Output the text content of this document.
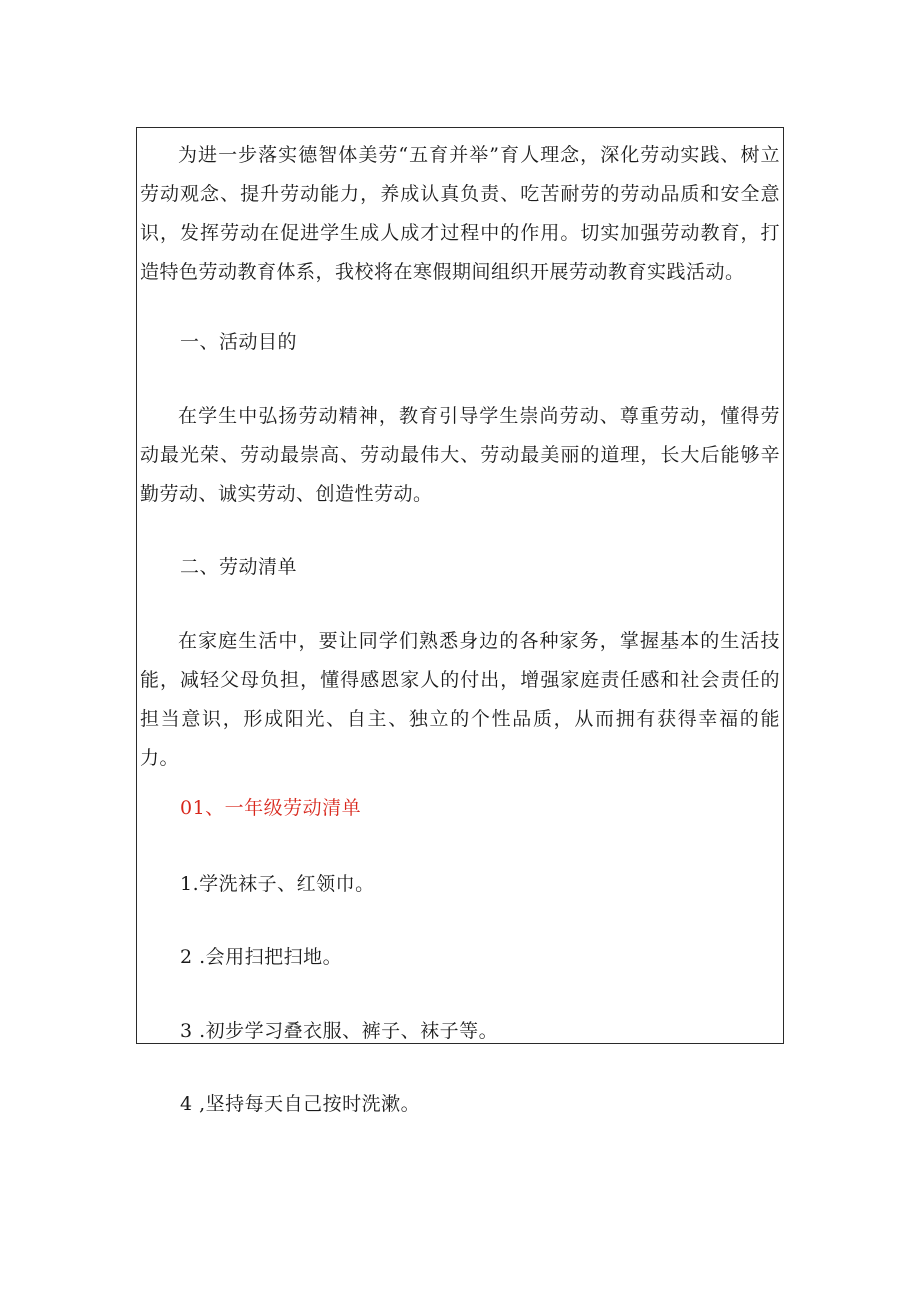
为进一步落实德智体美劳“五育并举”育人理念，深化劳动实践、树立劳动观念、提升劳动能力，养成认真负责、吃苦耐劳的劳动品质和安全意识，发挥劳动在促进学生成人成才过程中的作用。切实加强劳动教育，打造特色劳动教育体系，我校将在寒假期间组织开展劳动教育实践活动。

一、活动目的

在学生中弘扬劳动精神，教育引导学生崇尚劳动、尊重劳动，懂得劳动最光荣、劳动最崇高、劳动最伟大、劳动最美丽的道理，长大后能够辛勤劳动、诚实劳动、创造性劳动。

二、劳动清单

在家庭生活中，要让同学们熟悉身边的各种家务，掌握基本的生活技能，减轻父母负担，懂得感恩家人的付出，增强家庭责任感和社会责任的担当意识，形成阳光、自主、独立的个性品质，从而拥有获得幸福的能力。

01、一年级劳动清单

1.学洗袜子、红领巾。

2 .会用扫把扫地。

3 .初步学习叠衣服、裤子、袜子等。

4 ,坚持每天自己按时洗漱。
